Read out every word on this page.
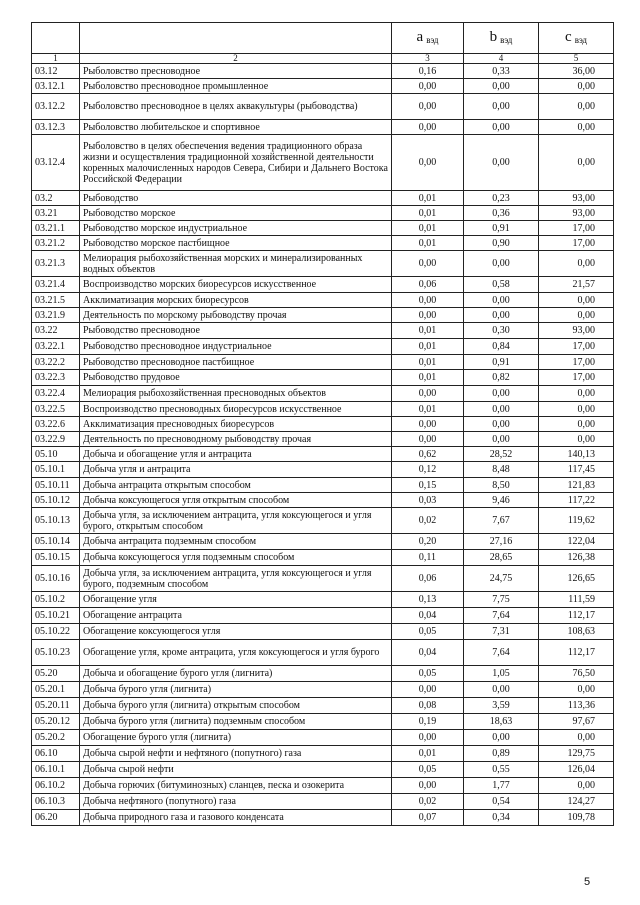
		a $_{вэд}$	b $_{вэд}$	c $_{вэд}$
1	2	3	4	5
03.12	Рыболовство пресноводное	0,16	0,33	36,00
03.12.1	Рыболовство пресноводное промышленное	0,00	0,00	0,00
03.12.2	Рыболовство пресноводное в целях аквакультуры (рыбоводства)	0,00	0,00	0,00
03.12.3	Рыболовство любительское и спортивное	0,00	0,00	0,00
03.12.4	Рыболовство в целях обеспечения ведения традиционного образа жизни и осуществления традиционной хозяйственной деятельности коренных малочисленных народов Севера, Сибири и Дальнего Востока Российской Федерации	0,00	0,00	0,00
03.2	Рыбоводство	0,01	0,23	93,00
03.21	Рыбоводство морское	0,01	0,36	93,00
03.21.1	Рыбоводство морское индустриальное	0,01	0,91	17,00
03.21.2	Рыбоводство морское пастбищное	0,01	0,90	17,00
03.21.3	Мелиорация рыбохозяйственная морских и минерализированных водных объектов	0,00	0,00	0,00
03.21.4	Воспроизводство морских биоресурсов искусственное	0,06	0,58	21,57
03.21.5	Акклиматизация морских биоресурсов	0,00	0,00	0,00
03.21.9	Деятельность по морскому рыбоводству прочая	0,00	0,00	0,00
03.22	Рыбоводство пресноводное	0,01	0,30	93,00
03.22.1	Рыбоводство пресноводное индустриальное	0,01	0,84	17,00
03.22.2	Рыбоводство пресноводное пастбищное	0,01	0,91	17,00
03.22.3	Рыбоводство прудовое	0,01	0,82	17,00
03.22.4	Мелиорация рыбохозяйственная пресноводных объектов	0,00	0,00	0,00
03.22.5	Воспроизводство пресноводных биоресурсов искусственное	0,01	0,00	0,00
03.22.6	Акклиматизация пресноводных биоресурсов	0,00	0,00	0,00
03.22.9	Деятельность по пресноводному рыбоводству прочая	0,00	0,00	0,00
05.10	Добыча и обогащение угля и антрацита	0,62	28,52	140,13
05.10.1	Добыча угля и антрацита	0,12	8,48	117,45
05.10.11	Добыча антрацита открытым способом	0,15	8,50	121,83
05.10.12	Добыча коксующегося угля открытым способом	0,03	9,46	117,22
05.10.13	Добыча угля, за исключением антрацита, угля коксующегося и угля бурого, открытым способом	0,02	7,67	119,62
05.10.14	Добыча антрацита подземным способом	0,20	27,16	122,04
05.10.15	Добыча коксующегося угля подземным способом	0,11	28,65	126,38
05.10.16	Добыча угля, за исключением антрацита, угля коксующегося и угля бурого, подземным способом	0,06	24,75	126,65
05.10.2	Обогащение угля	0,13	7,75	111,59
05.10.21	Обогащение антрацита	0,04	7,64	112,17
05.10.22	Обогащение коксующегося угля	0,05	7,31	108,63
05.10.23	Обогащение угля, кроме антрацита, угля коксующегося и угля бурого	0,04	7,64	112,17
05.20	Добыча и обогащение бурого угля (лигнита)	0,05	1,05	76,50
05.20.1	Добыча бурого угля (лигнита)	0,00	0,00	0,00
05.20.11	Добыча бурого угля (лигнита) открытым способом	0,08	3,59	113,36
05.20.12	Добыча бурого угля (лигнита) подземным способом	0,19	18,63	97,67
05.20.2	Обогащение бурого угля (лигнита)	0,00	0,00	0,00
06.10	Добыча сырой нефти и нефтяного (попутного) газа	0,01	0,89	129,75
06.10.1	Добыча сырой нефти	0,05	0,55	126,04
06.10.2	Добыча горючих (битуминозных) сланцев, песка и озокерита	0,00	1,77	0,00
06.10.3	Добыча нефтяного (попутного) газа	0,02	0,54	124,27
06.20	Добыча природного газа и газового конденсата	0,07	0,34	109,78
5
